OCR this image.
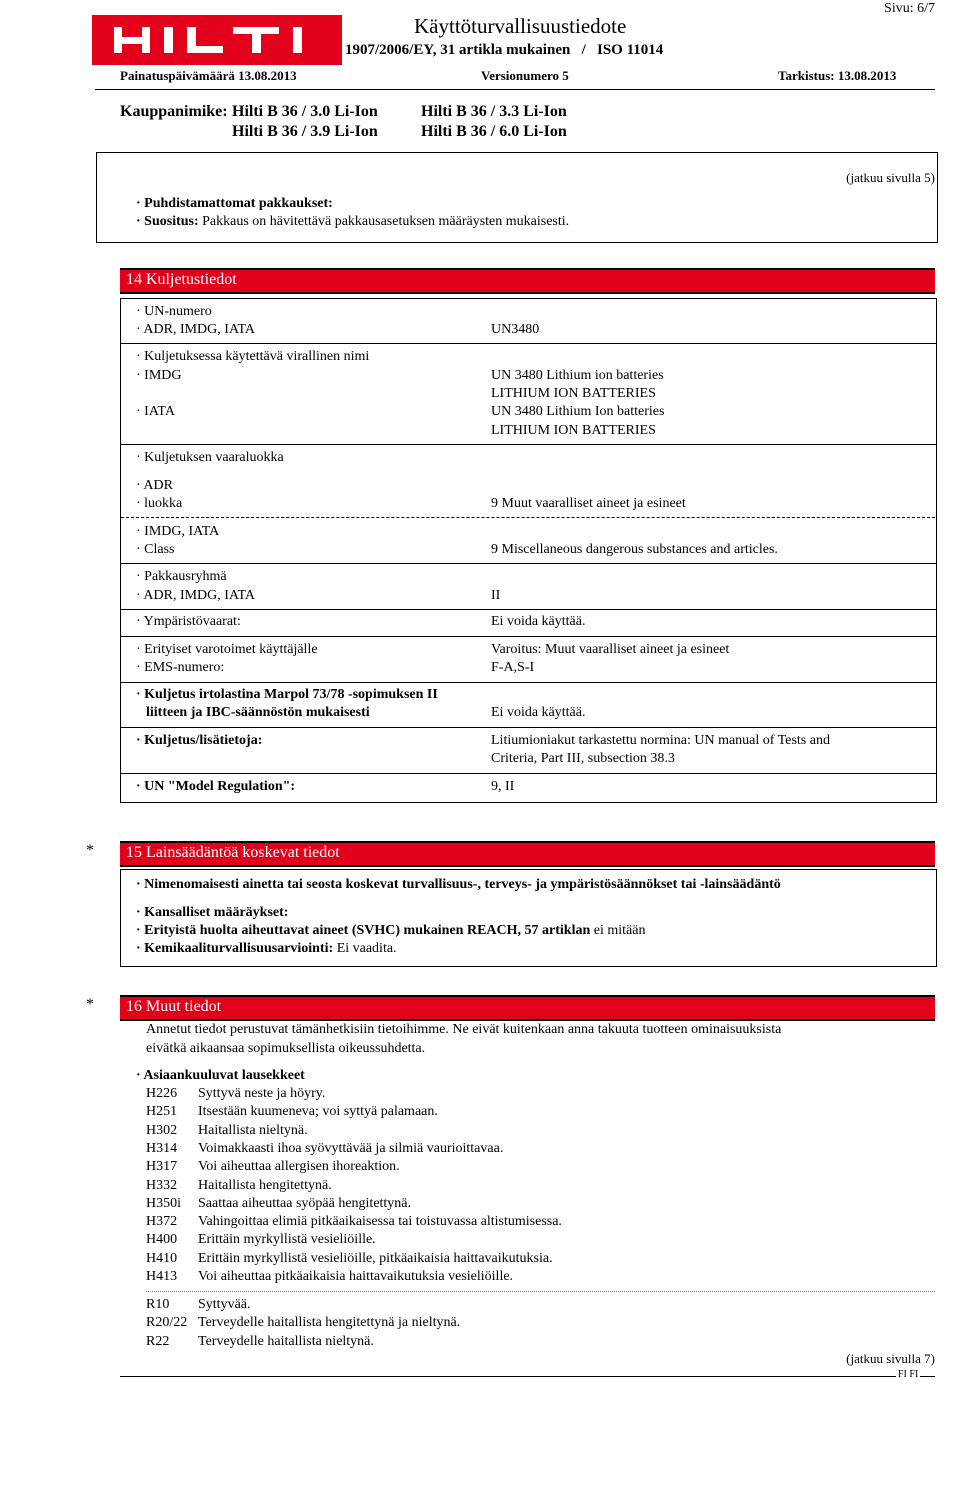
Sivu: 6/7
Käyttöturvallisuustiedote
1907/2006/EY, 31 artikla mukainen   /   ISO 11014
Painatuspäivämäärä 13.08.2013	Versionumero 5	Tarkistus: 13.08.2013
Kauppanimike: Hilti B 36 / 3.0 Li-Ion	Hilti B 36 / 3.3 Li-Ion
Hilti B 36 / 3.9 Li-Ion	Hilti B 36 / 6.0 Li-Ion
(jatkuu sivulla 5)
· Puhdistamattomat pakkaukset:
· Suositus: Pakkaus on hävitettävä pakkausasetuksen määräysten mukaisesti.
14 Kuljetustiedot
· UN-numero
· ADR, IMDG, IATA	UN3480
· Kuljetuksessa käytettävä virallinen nimi
· IMDG	UN 3480 Lithium ion batteries
LITHIUM ION BATTERIES
· IATA	UN 3480 Lithium Ion batteries
LITHIUM ION BATTERIES
· Kuljetuksen vaaraluokka
· ADR
· luokka	9 Muut vaaralliset aineet ja esineet
· IMDG, IATA
· Class	9 Miscellaneous dangerous substances and articles.
· Pakkausryhmä
· ADR, IMDG, IATA	II
· Ympäristövaarat:	Ei voida käyttää.
· Erityiset varotoimet käyttäjälle	Varoitus: Muut vaaralliset aineet ja esineet
· EMS-numero:	F-A,S-I
· Kuljetus irtolastina Marpol 73/78 -sopimuksen II
liitteen ja IBC-säännöstön mukaisesti	Ei voida käyttää.
· Kuljetus/lisätietoja:	Litiumioniakut tarkastettu normina: UN manual of Tests and
Criteria, Part III, subsection 38.3
· UN "Model Regulation":	9, II
* 15 Lainsäädäntöä koskevat tiedot
· Nimenomaisesti ainetta tai seosta koskevat turvallisuus-, terveys- ja ympäristösäännökset tai -lainsäädäntö
· Kansalliset määräykset:
· Erityistä huolta aiheuttavat aineet (SVHC) mukainen REACH, 57 artiklan ei mitään
· Kemikaaliturvallisuusarviointi: Ei vaadita.
* 16 Muut tiedot
Annetut tiedot perustuvat tämänhetkisiin tietoihimme. Ne eivät kuitenkaan anna takuuta tuotteen ominaisuuksista
eivätkä aikaansaa sopimuksellista oikeussuhdetta.
· Asiaankuuluvat lausekkeet
H226 Syttyvä neste ja höyry.
H251 Itsestään kuumeneva; voi syttyä palamaan.
H302 Haitallista nieltynä.
H314 Voimakkaasti ihoa syövyttävää ja silmiä vaurioittavaa.
H317 Voi aiheuttaa allergisen ihoreaktion.
H332 Haitallista hengitettynä.
H350i Saattaa aiheuttaa syöpää hengitettynä.
H372 Vahingoittaa elimiä pitkäaikaisessa tai toistuvassa altistumisessa.
H400 Erittäin myrkyllistä vesieliöille.
H410 Erittäin myrkyllistä vesieliöille, pitkäaikaisia haittavaikutuksia.
H413 Voi aiheuttaa pitkäaikaisia haittavaikutuksia vesieliöille.
R10 Syttyvää.
R20/22 Terveydelle haitallista hengitettynä ja nieltynä.
R22 Terveydelle haitallista nieltynä.
(jatkuu sivulla 7)
FI FI
